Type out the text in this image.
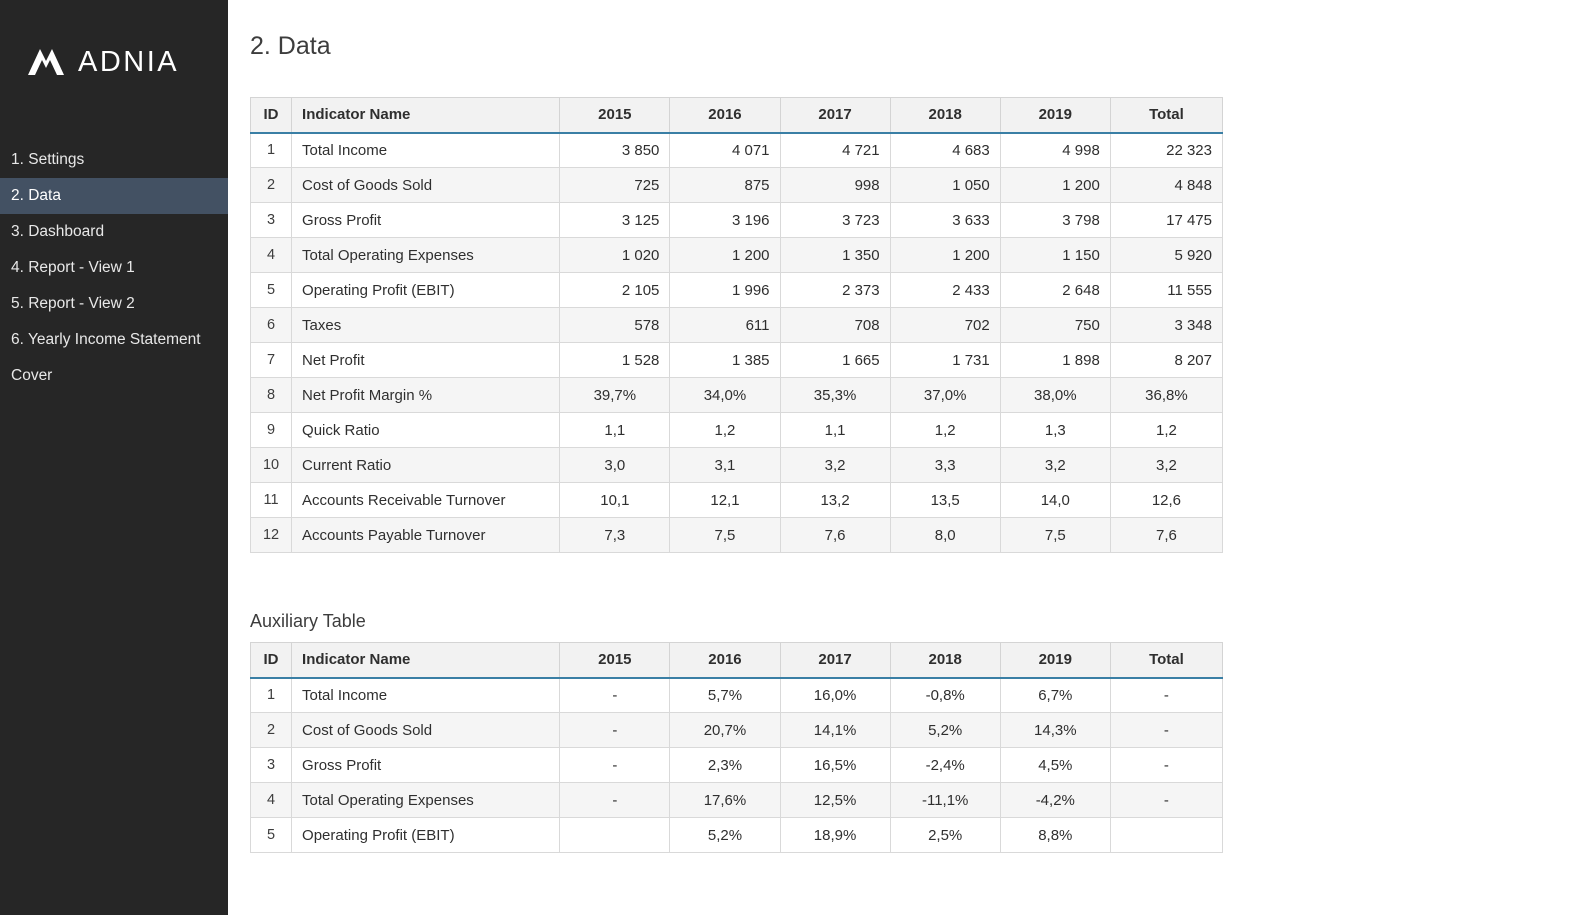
ADNIA
1. Settings
2. Data
3. Dashboard
4. Report - View 1
5. Report - View 2
6. Yearly Income Statement
Cover
2. Data
ID	Indicator Name	2015	2016	2017	2018	2019	Total
1	Total Income	3 850	4 071	4 721	4 683	4 998	22 323
2	Cost of Goods Sold	725	875	998	1 050	1 200	4 848
3	Gross Profit	3 125	3 196	3 723	3 633	3 798	17 475
4	Total Operating Expenses	1 020	1 200	1 350	1 200	1 150	5 920
5	Operating Profit (EBIT)	2 105	1 996	2 373	2 433	2 648	11 555
6	Taxes	578	611	708	702	750	3 348
7	Net Profit	1 528	1 385	1 665	1 731	1 898	8 207
8	Net Profit Margin %	39,7%	34,0%	35,3%	37,0%	38,0%	36,8%
9	Quick Ratio	1,1	1,2	1,1	1,2	1,3	1,2
10	Current Ratio	3,0	3,1	3,2	3,3	3,2	3,2
11	Accounts Receivable Turnover	10,1	12,1	13,2	13,5	14,0	12,6
12	Accounts Payable Turnover	7,3	7,5	7,6	8,0	7,5	7,6
Auxiliary Table
ID	Indicator Name	2015	2016	2017	2018	2019	Total
1	Total Income	-	5,7%	16,0%	-0,8%	6,7%	-
2	Cost of Goods Sold	-	20,7%	14,1%	5,2%	14,3%	-
3	Gross Profit	-	2,3%	16,5%	-2,4%	4,5%	-
4	Total Operating Expenses	-	17,6%	12,5%	-11,1%	-4,2%	-
5	Operating Profit (EBIT)		5,2%	18,9%	2,5%	8,8%	
